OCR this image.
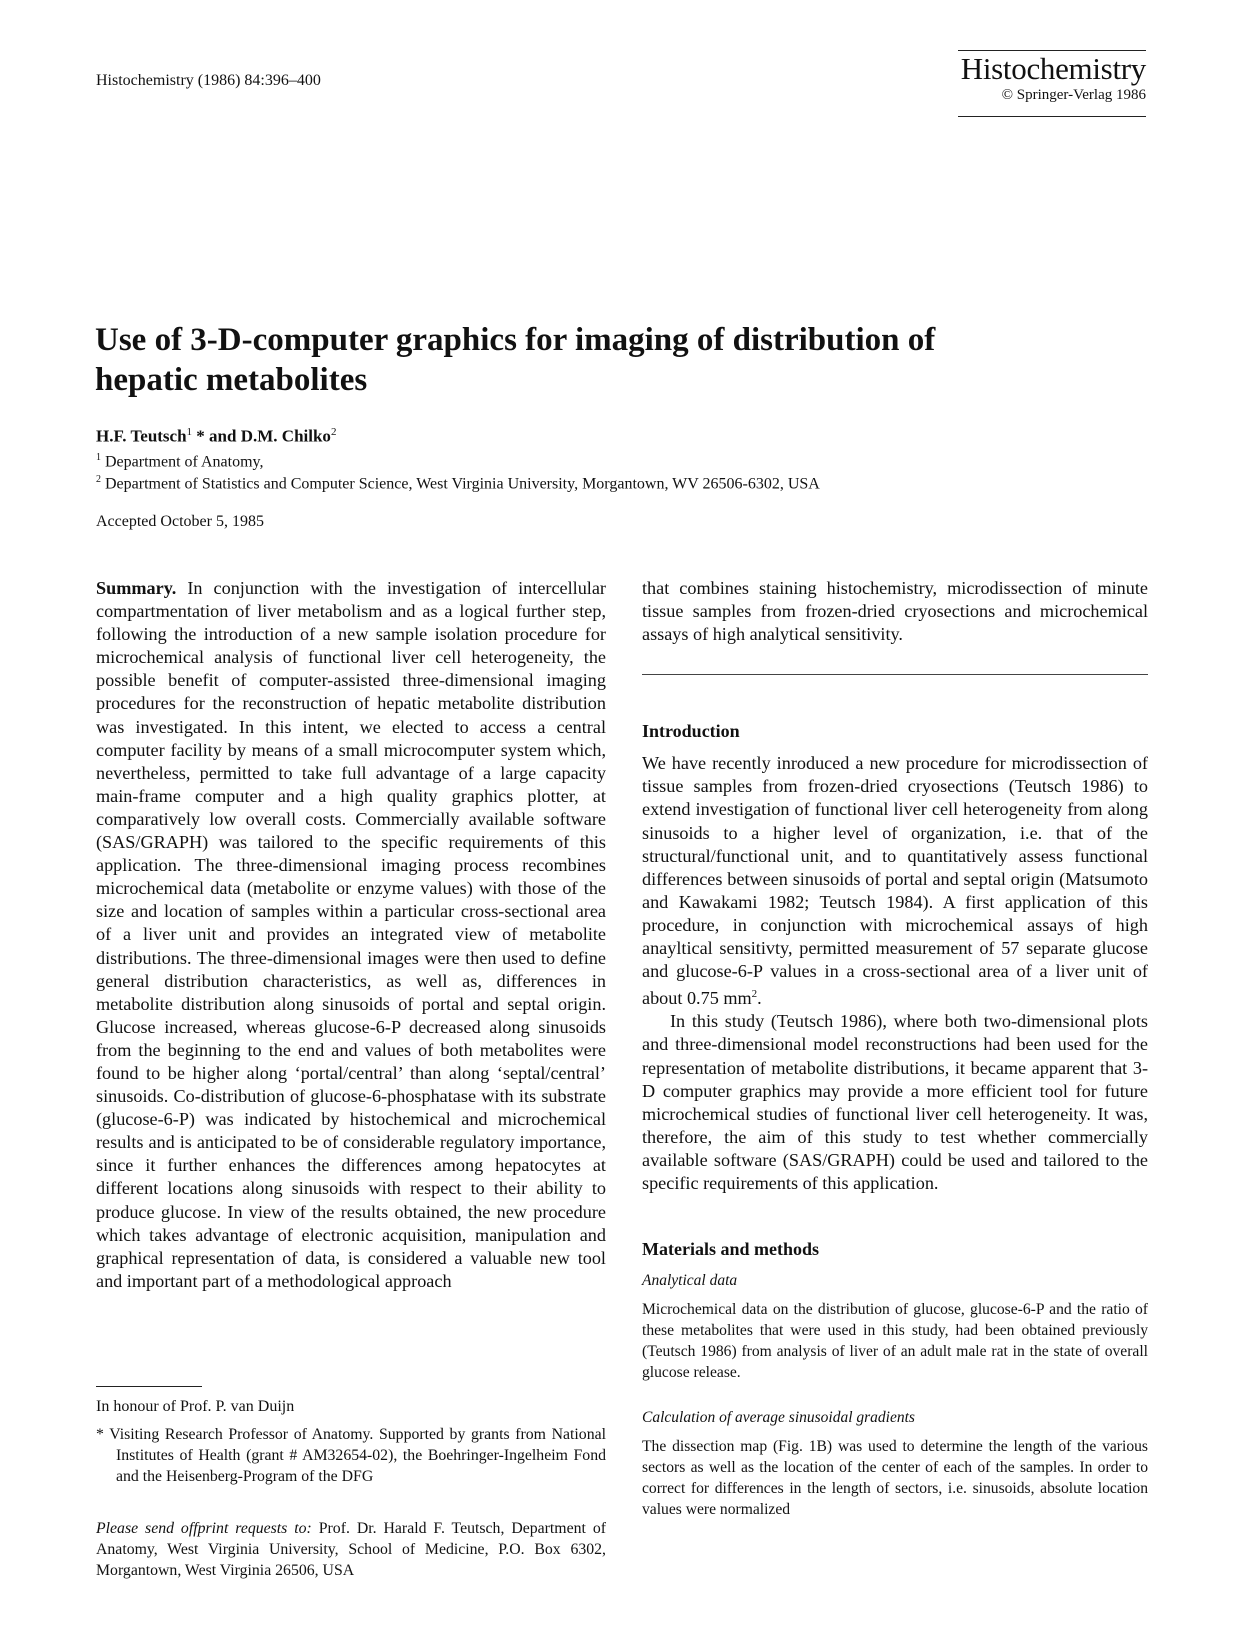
Histochemistry (1986) 84:396–400	Histochemistry
© Springer-Verlag 1986
Use of 3-D-computer graphics for imaging of distribution of hepatic metabolites
H.F. Teutsch$^1$ * and D.M. Chilko$^2$
$^1$ Department of Anatomy,
$^2$ Department of Statistics and Computer Science, West Virginia University, Morgantown, WV 26506-6302, USA
Accepted October 5, 1985

Summary. In conjunction with the investigation of intercellular compartmentation of liver metabolism and as a logical further step, following the introduction of a new sample isolation procedure for microchemical analysis of functional liver cell heterogeneity, the possible benefit of computer-assisted three-dimensional imaging procedures for the reconstruction of hepatic metabolite distribution was investigated. In this intent, we elected to access a central computer facility by means of a small microcomputer system which, nevertheless, permitted to take full advantage of a large capacity main-frame computer and a high quality graphics plotter, at comparatively low overall costs. Commercially available software (SAS/GRAPH) was tailored to the specific requirements of this application. The three-dimensional imaging process recombines microchemical data (metabolite or enzyme values) with those of the size and location of samples within a particular cross-sectional area of a liver unit and provides an integrated view of metabolite distributions. The three-dimensional images were then used to define general distribution characteristics, as well as, differences in metabolite distribution along sinusoids of portal and septal origin. Glucose increased, whereas glucose-6-P decreased along sinusoids from the beginning to the end and values of both metabolites were found to be higher along ‘portal/central’ than along ‘septal/central’ sinusoids. Co-distribution of glucose-6-phosphatase with its substrate (glucose-6-P) was indicated by histochemical and microchemical results and is anticipated to be of considerable regulatory importance, since it further enhances the differences among hepatocytes at different locations along sinusoids with respect to their ability to produce glucose. In view of the results obtained, the new procedure which takes advantage of electronic acquisition, manipulation and graphical representation of data, is considered a valuable new tool and important part of a methodological approach

In honour of Prof. P. van Duijn
* Visiting Research Professor of Anatomy. Supported by grants from National Institutes of Health (grant # AM32654-02), the Boehringer-Ingelheim Fond and the Heisenberg-Program of the DFG
Please send offprint requests to: Prof. Dr. Harald F. Teutsch, Department of Anatomy, West Virginia University, School of Medicine, P.O. Box 6302, Morgantown, West Virginia 26506, USA

that combines staining histochemistry, microdissection of minute tissue samples from frozen-dried cryosections and microchemical assays of high analytical sensitivity.

Introduction

We have recently inroduced a new procedure for microdissection of tissue samples from frozen-dried cryosections (Teutsch 1986) to extend investigation of functional liver cell heterogeneity from along sinusoids to a higher level of organization, i.e. that of the structural/functional unit, and to quantitatively assess functional differences between sinusoids of portal and septal origin (Matsumoto and Kawakami 1982; Teutsch 1984). A first application of this procedure, in conjunction with microchemical assays of high anayltical sensitivty, permitted measurement of 57 separate glucose and glucose-6-P values in a cross-sectional area of a liver unit of about 0.75 $mm^2$.

In this study (Teutsch 1986), where both two-dimensional plots and three-dimensional model reconstructions had been used for the representation of metabolite distributions, it became apparent that 3-D computer graphics may provide a more efficient tool for future microchemical studies of functional liver cell heterogeneity. It was, therefore, the aim of this study to test whether commercially available software (SAS/GRAPH) could be used and tailored to the specific requirements of this application.

Materials and methods

Analytical data

Microchemical data on the distribution of glucose, glucose-6-P and the ratio of these metabolites that were used in this study, had been obtained previously (Teutsch 1986) from analysis of liver of an adult male rat in the state of overall glucose release.

Calculation of average sinusoidal gradients

The dissection map (Fig. 1B) was used to determine the length of the various sectors as well as the location of the center of each of the samples. In order to correct for differences in the length of sectors, i.e. sinusoids, absolute location values were normalized
